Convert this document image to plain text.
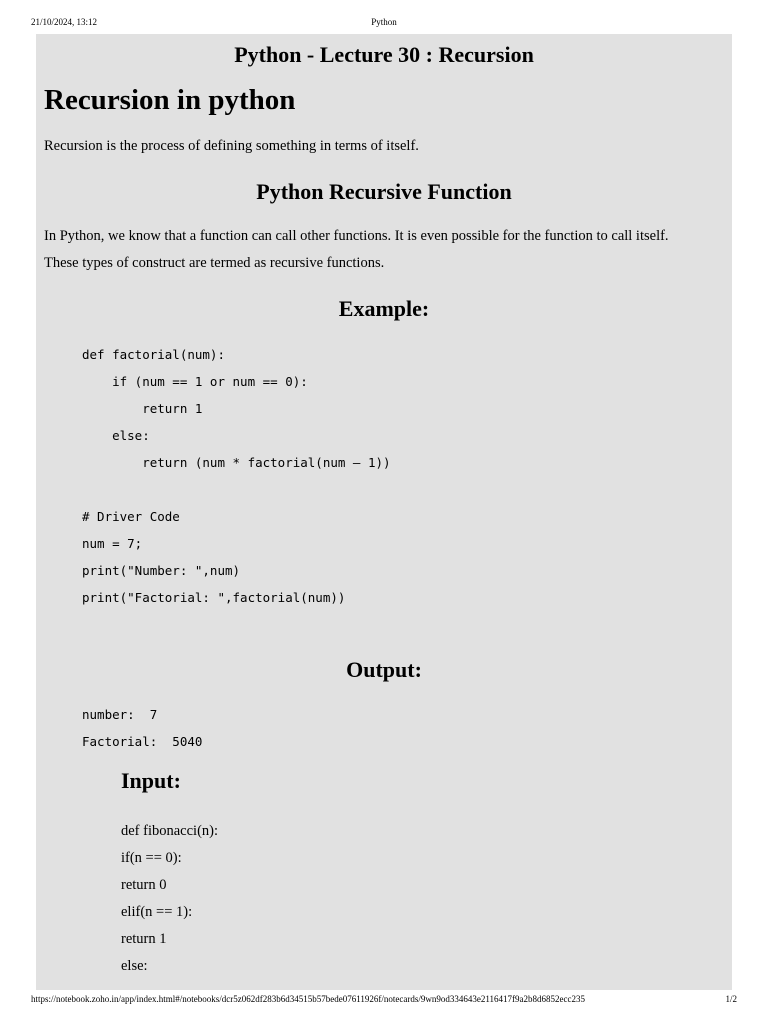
21/10/2024, 13:12	Python
Python - Lecture 30 : Recursion
Recursion in python
Recursion is the process of defining something in terms of itself.
Python Recursive Function
In Python, we know that a function can call other functions. It is even possible for the function to call itself.
These types of construct are termed as recursive functions.
Example:
def factorial(num):
if (num == 1 or num == 0):
return 1
else:
return (num * factorial(num – 1))
# Driver Code
num = 7;
print("Number: ",num)
print("Factorial: ",factorial(num))
Output:
number:  7
Factorial:  5040
Input:
def fibonacci(n):
if(n == 0):
return 0
elif(n == 1):
return 1
else:
https://notebook.zoho.in/app/index.html#/notebooks/dcr5z062df283b6d34515b57bede07611926f/notecards/9wn9od334643e2116417f9a2b8d6852ecc235	1/2
